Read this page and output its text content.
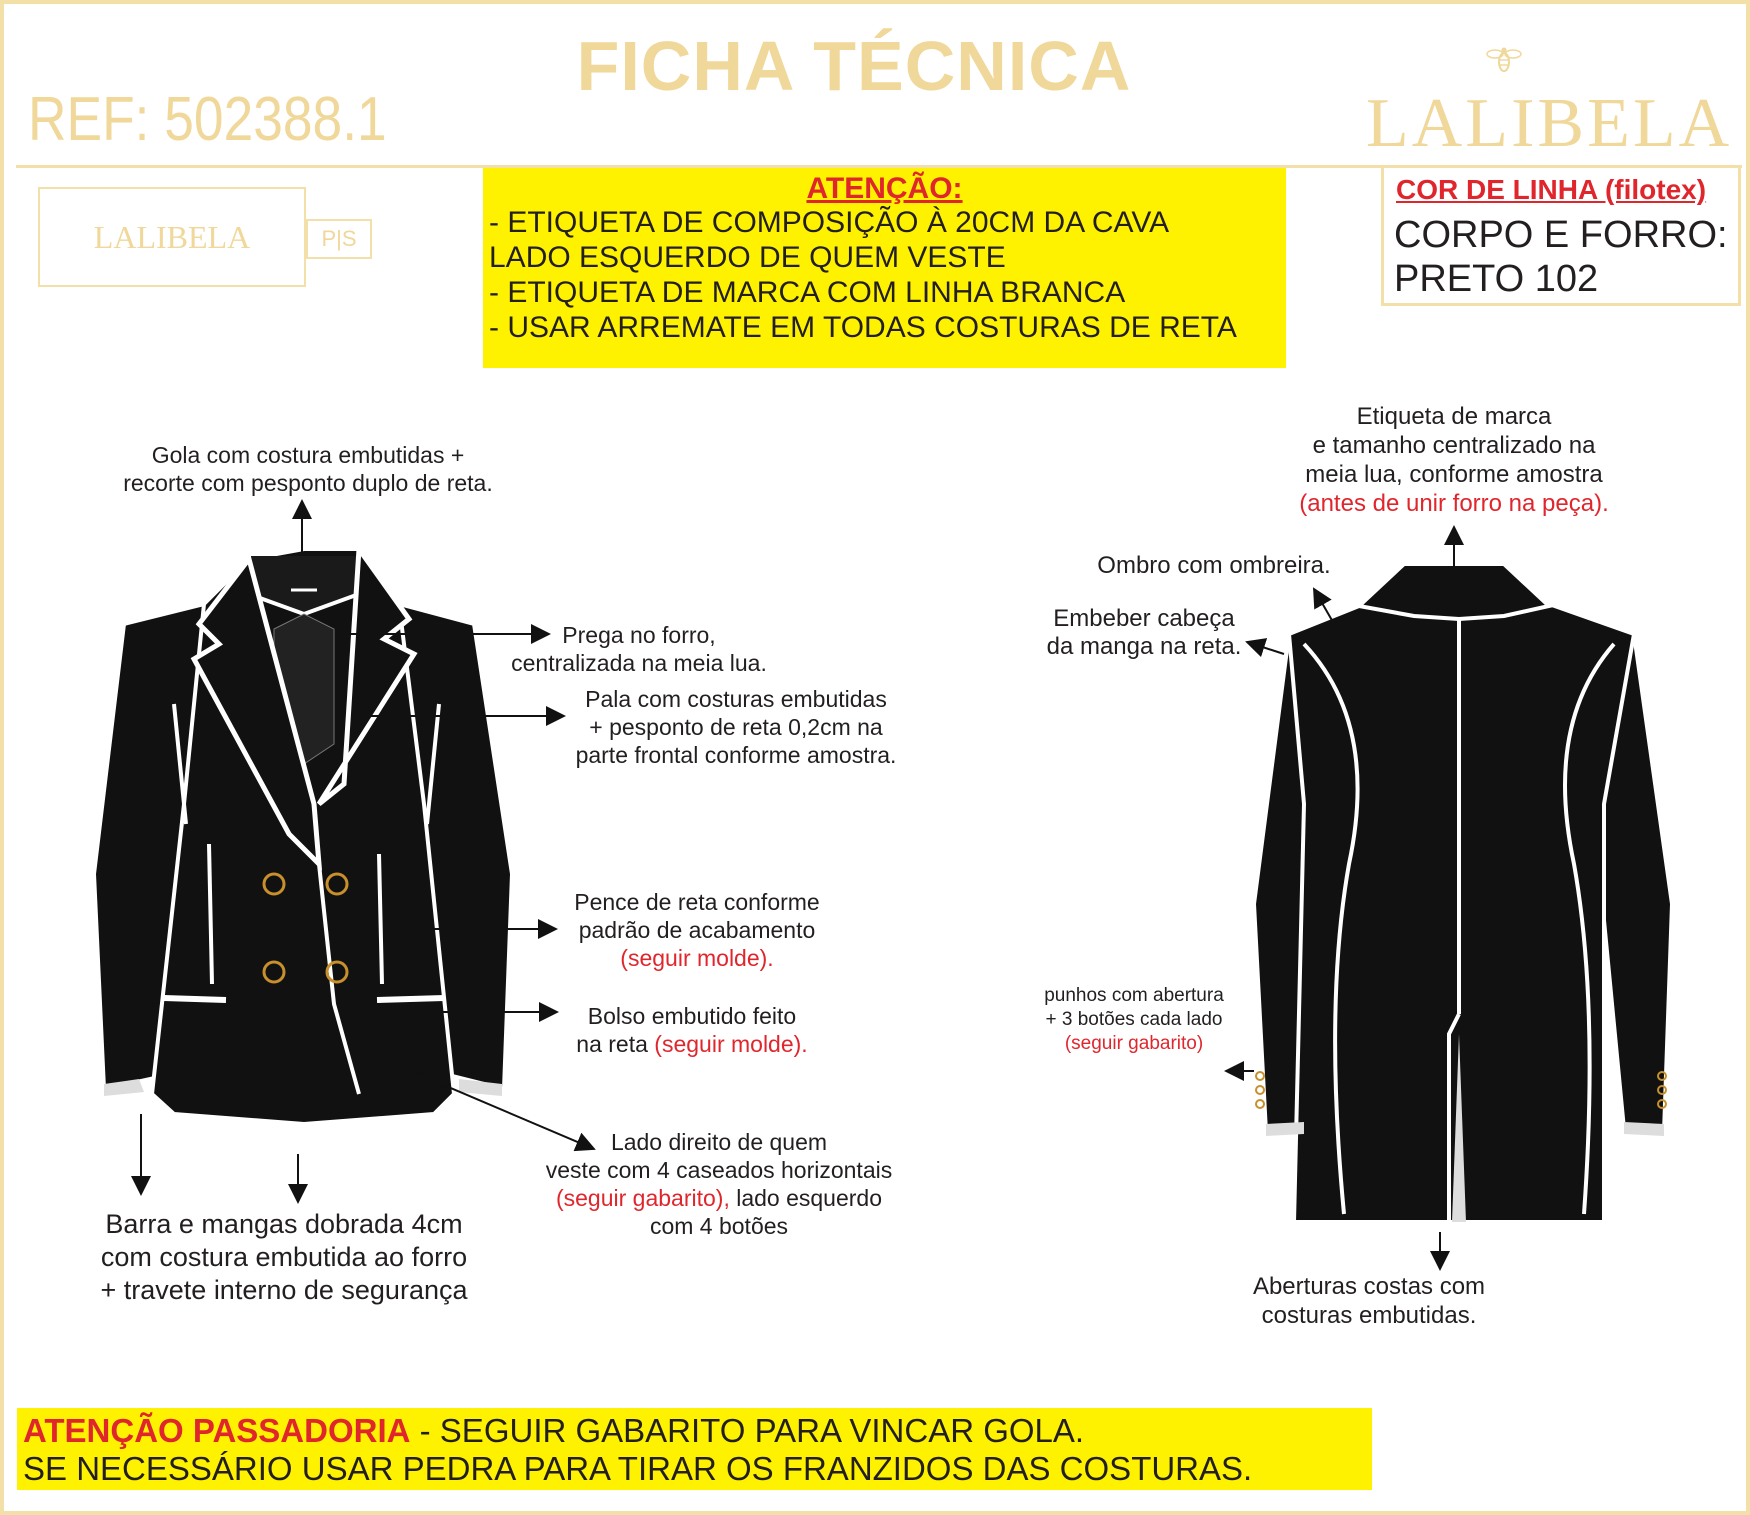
FICHA TÉCNICA
REF: 502388.1	LALIBELA
LALIBELA	P|S
ATENÇÃO:
- ETIQUETA DE COMPOSIÇÃO À 20CM DA CAVA
LADO ESQUERDO DE QUEM VESTE
- ETIQUETA DE MARCA COM LINHA BRANCA
- USAR ARREMATE EM TODAS COSTURAS DE RETA
COR DE LINHA (filotex)
CORPO E FORRO:
PRETO 102
Gola com costura embutidas +
recorte com pesponto duplo de reta.
Prega no forro,
centralizada na meia lua.
Pala com costuras embutidas
+ pesponto de reta 0,2cm na
parte frontal conforme amostra.
Pence de reta conforme
padrão de acabamento
(seguir molde).
Bolso embutido feito
na reta (seguir molde).
Lado direito de quem
veste com 4 caseados horizontais
(seguir gabarito), lado esquerdo
com 4 botões
Barra e mangas dobrada 4cm
com costura embutida ao forro
+ travete interno de segurança
Etiqueta de marca
e tamanho centralizado na
meia lua, conforme amostra
(antes de unir forro na peça).
Ombro com ombreira.
Embeber cabeça
da manga na reta.
punhos com abertura
+ 3 botões cada lado
(seguir gabarito)
Aberturas costas com
costuras embutidas.
ATENÇÃO PASSADORIA - SEGUIR GABARITO PARA VINCAR GOLA.
SE NECESSÁRIO USAR PEDRA PARA TIRAR OS FRANZIDOS DAS COSTURAS.
